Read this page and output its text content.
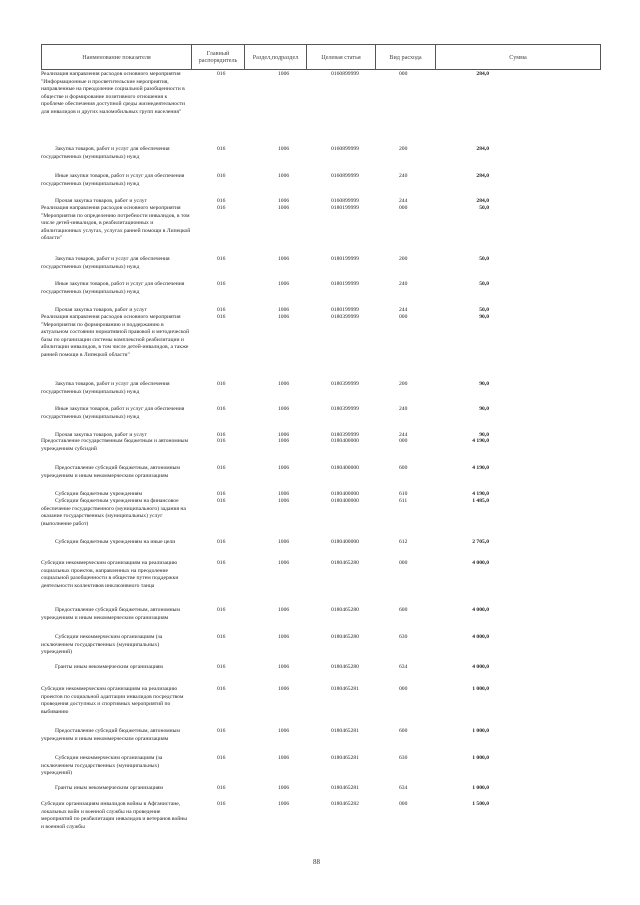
Наименование показателя	Главный распорядитель	Раздел,подраздел	Целевая статья	Вид расхода	Сумма
Реализация направления расходов основного мероприятия "Информационные и просветительские мероприятия, направленные на преодоление социальной разобщенности в обществе и формирование позитивного отношения к проблеме обеспечения доступной среды жизнедеятельности для инвалидов и других маломобильных групп населения"
016	1006	0160899999	000	284,0
Закупка товаров, работ и услуг для обеспечения государственных (муниципальных) нужд
016	1006	0160899999	200	284,0
Иные закупки товаров, работ и услуг для обеспечения государственных (муниципальных) нужд
016	1006	0160899999	240	284,0
Прочая закупка товаров, работ и услуг	016	1006	0160899999	244	284,0
Реализация направления расходов основного мероприятия "Мероприятия по определению потребности инвалидов, в том числе детей-инвалидов, в реабилитационных и абилитационных услугах, услугах ранней помощи в Липецкой области"
016	1006	0180199999	000	50,0
Закупка товаров, работ и услуг для обеспечения государственных (муниципальных) нужд
016	1006	0180199999	200	50,0
Иные закупки товаров, работ и услуг для обеспечения государственных (муниципальных) нужд
016	1006	0180199999	240	50,0
Прочая закупка товаров, работ и услуг	016	1006	0180199999	244	50,0
Реализация направления расходов основного мероприятия "Мероприятия по формированию и поддержанию в актуальном состоянии нормативной правовой и методической базы по организации системы комплексной реабилитации и абилитации инвалидов, в том числе детей-инвалидов, а также ранней помощи в Липецкой области"
016	1006	0180399999	000	90,0
Закупка товаров, работ и услуг для обеспечения государственных (муниципальных) нужд
016	1006	0180399999	200	90,0
Иные закупки товаров, работ и услуг для обеспечения государственных (муниципальных) нужд
016	1006	0180399999	240	90,0
Прочая закупка товаров, работ и услуг	016	1006	0180399999	244	90,0
Предоставление государственным бюджетным и автономным учреждениям субсидий
016	1006	0180400000	000	4 190,0
Предоставление субсидий бюджетным, автономным учреждениям и иным некоммерческим организациям
016	1006	0180400000	600	4 190,0
Субсидии бюджетным учреждениям	016	1006	0180400000	610	4 190,0
Субсидии бюджетным учреждениям на финансовое обеспечение государственного (муниципального) задания на оказание государственных (муниципальных) услуг (выполнение работ)
016	1006	0180400000	611	1 485,0
Субсидии бюджетным учреждениям на иные цели	016	1006	0180400000	612	2 705,0
Субсидии некоммерческим организациям на реализацию социальных проектов, направленных на преодоление социальной разобщенности в обществе путем поддержки деятельности коллективов инклюзивного танца
016	1006	0180465280	000	4 000,0
Предоставление субсидий бюджетным, автономным учреждениям и иным некоммерческим организациям
016	1006	0180465280	600	4 000,0
Субсидии некоммерческим организациям (за исключением государственных (муниципальных) учреждений)
016	1006	0180465280	630	4 000,0
Гранты иным некоммерческим организациям	016	1006	0180465280	634	4 000,0
Субсидии некоммерческим организациям на реализацию проектов по социальной адаптации инвалидов посредством проведения доступных и спортивных мероприятий по выбиванию
016	1006	0180465281	000	1 000,0
Предоставление субсидий бюджетным, автономным учреждениям и иным некоммерческим организациям
016	1006	0180465281	600	1 000,0
Субсидии некоммерческим организациям (за исключением государственных (муниципальных) учреждений)
016	1006	0180465281	630	1 000,0
Гранты иным некоммерческим организациям	016	1006	0180465281	634	1 000,0
Субсидии организациям инвалидов войны в Афганистане, локальных войн и военной службы на проведение мероприятий по реабилитации инвалидов и ветеранов войны и военной службы
016	1006	0180465282	000	1 500,0
88
